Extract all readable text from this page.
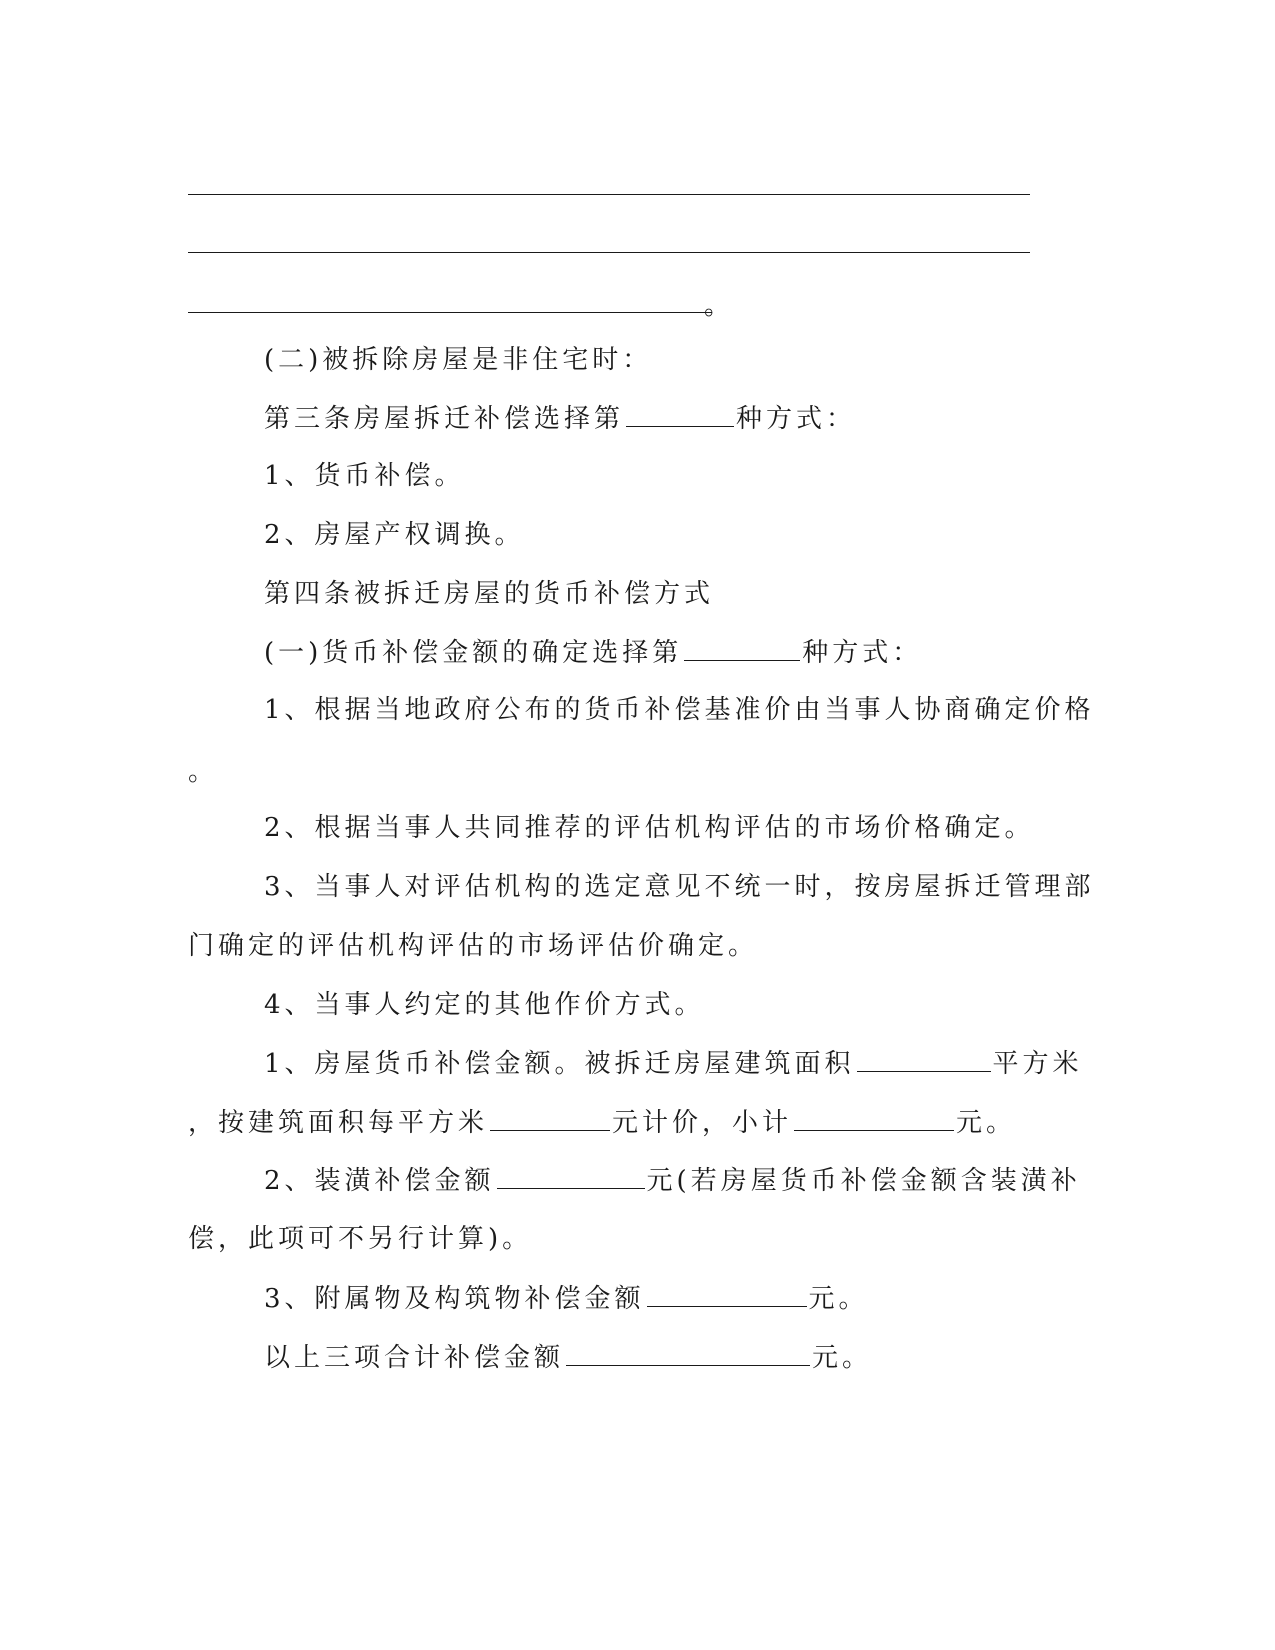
。
(二)被拆除房屋是非住宅时：
第三条房屋拆迁补偿选择第	种方式：
1、货币补偿。
2、房屋产权调换。
第四条被拆迁房屋的货币补偿方式
(一)货币补偿金额的确定选择第	种方式：
1、根据当地政府公布的货币补偿基准价由当事人协商确定价格
。
2、根据当事人共同推荐的评估机构评估的市场价格确定。
3、当事人对评估机构的选定意见不统一时，按房屋拆迁管理部
门确定的评估机构评估的市场评估价确定。
4、当事人约定的其他作价方式。
1、房屋货币补偿金额。被拆迁房屋建筑面积	平方米
，按建筑面积每平方米	元计价，小计	元。
2、装潢补偿金额	元(若房屋货币补偿金额含装潢补
偿，此项可不另行计算)。
3、附属物及构筑物补偿金额	元。
以上三项合计补偿金额	元。
